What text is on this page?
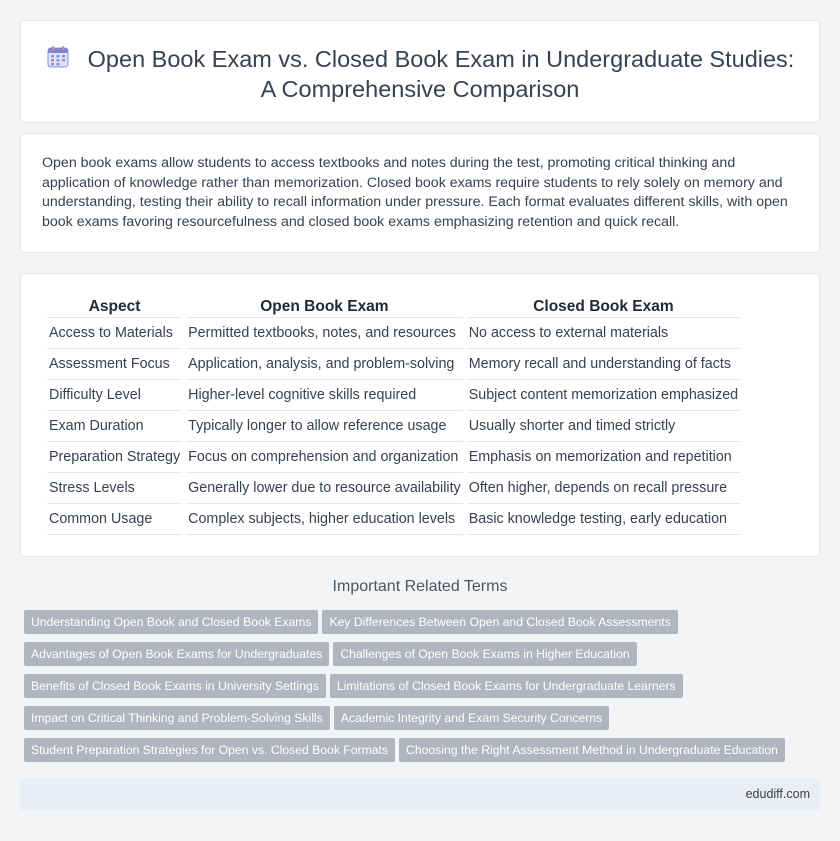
Open Book Exam vs. Closed Book Exam in Undergraduate Studies:
A Comprehensive Comparison

Open book exams allow students to access textbooks and notes during the test, promoting critical thinking and application of knowledge rather than memorization. Closed book exams require students to rely solely on memory and understanding, testing their ability to recall information under pressure. Each format evaluates different skills, with open book exams favoring resourcefulness and closed book exams emphasizing retention and quick recall.

Aspect	Open Book Exam	Closed Book Exam
Access to Materials	Permitted textbooks, notes, and resources	No access to external materials
Assessment Focus	Application, analysis, and problem-solving	Memory recall and understanding of facts
Difficulty Level	Higher-level cognitive skills required	Subject content memorization emphasized
Exam Duration	Typically longer to allow reference usage	Usually shorter and timed strictly
Preparation Strategy	Focus on comprehension and organization	Emphasis on memorization and repetition
Stress Levels	Generally lower due to resource availability	Often higher, depends on recall pressure
Common Usage	Complex subjects, higher education levels	Basic knowledge testing, early education
Important Related Terms
Understanding Open Book and Closed Book Exams Key Differences Between Open and Closed Book Assessments
Advantages of Open Book Exams for Undergraduates Challenges of Open Book Exams in Higher Education
Benefits of Closed Book Exams in University Settings Limitations of Closed Book Exams for Undergraduate Learners
Impact on Critical Thinking and Problem-Solving Skills Academic Integrity and Exam Security Concerns
Student Preparation Strategies for Open vs. Closed Book Formats Choosing the Right Assessment Method in Undergraduate Education
edudiff.com
